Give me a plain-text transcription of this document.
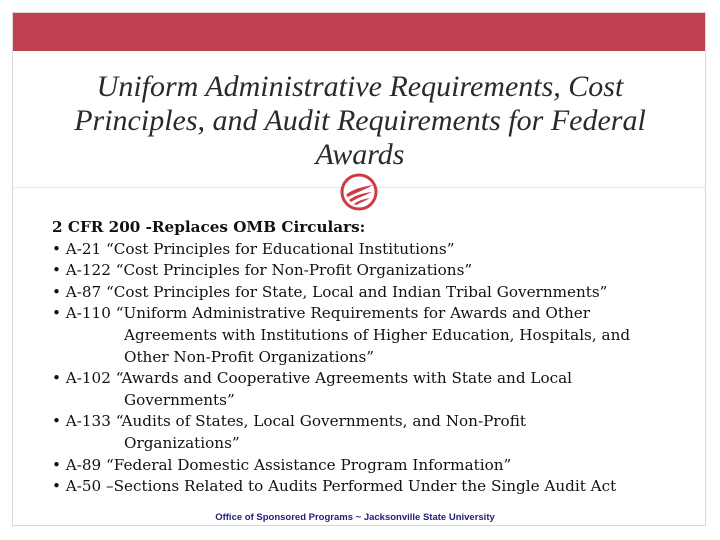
Uniform Administrative Requirements, Cost
Principles, and Audit Requirements for Federal
Awards
2 CFR 200 -Replaces OMB Circulars:
• A-21 “Cost Principles for Educational Institutions”
• A-122 “Cost Principles for Non-Profit Organizations”
• A-87 “Cost Principles for State, Local and Indian Tribal Governments”
• A-110 “Uniform Administrative Requirements for Awards and Other
Agreements with Institutions of Higher Education, Hospitals, and
Other Non-Profit Organizations”
• A-102 “Awards and Cooperative Agreements with State and Local
Governments”
• A-133 “Audits of States, Local Governments, and Non-Profit
Organizations”
• A-89 “Federal Domestic Assistance Program Information”
• A-50 –Sections Related to Audits Performed Under the Single Audit Act
Office of Sponsored Programs ~ Jacksonville State University
